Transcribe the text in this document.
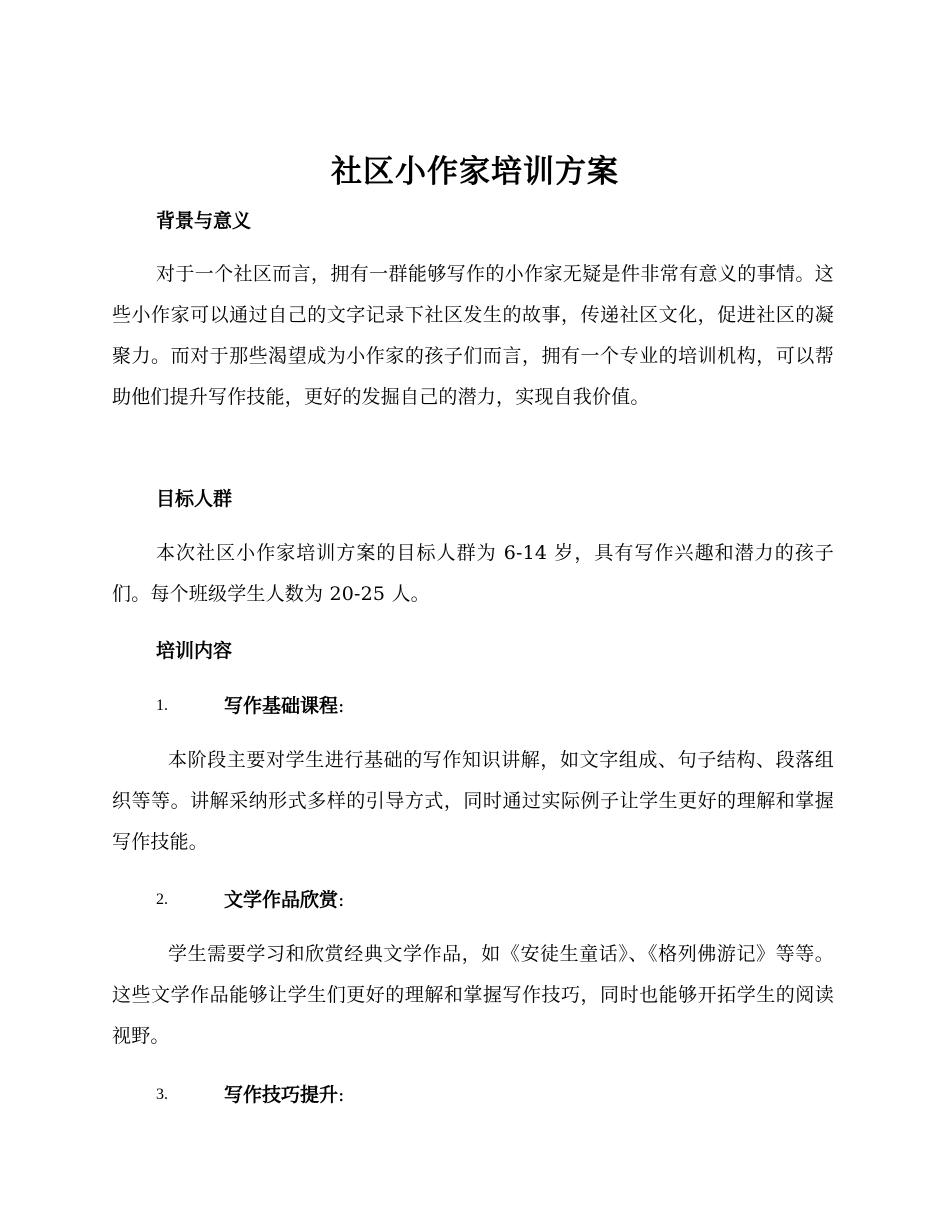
社区小作家培训方案
背景与意义

对于一个社区而言，拥有一群能够写作的小作家无疑是件非常有意义的事情。这些小作家可以通过自己的文字记录下社区发生的故事，传递社区文化，促进社区的凝聚力。而对于那些渴望成为小作家的孩子们而言，拥有一个专业的培训机构，可以帮助他们提升写作技能，更好的发掘自己的潜力，实现自我价值。

目标人群

本次社区小作家培训方案的目标人群为 6-14 岁，具有写作兴趣和潜力的孩子们。每个班级学生人数为 20-25 人。

培训内容
1.	写作基础课程:

本阶段主要对学生进行基础的写作知识讲解，如文字组成、句子结构、段落组织等等。讲解采纳形式多样的引导方式，同时通过实际例子让学生更好的理解和掌握写作技能。

2.	文学作品欣赏:

学生需要学习和欣赏经典文学作品，如《安徒生童话》、《格列佛游记》等等。这些文学作品能够让学生们更好的理解和掌握写作技巧，同时也能够开拓学生的阅读视野。

3.	写作技巧提升:
